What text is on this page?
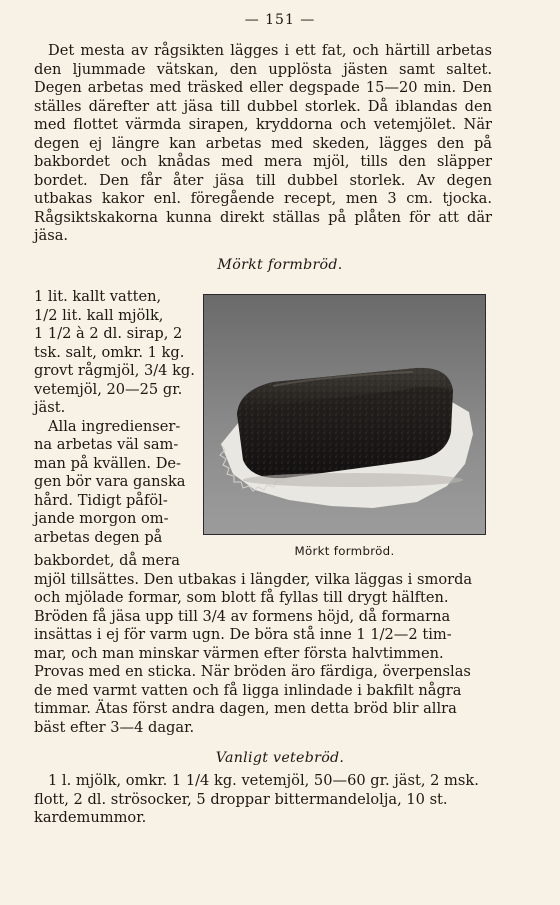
— 151 —
Det mesta av rågsikten lägges i ett fat, och härtill arbetas den ljummade vätskan, den upplösta jästen samt saltet. Degen arbetas med träsked eller degspade 15—20 min. Den ställes därefter att jäsa till dubbel storlek. Då iblandas den med flottet värmda sirapen, kryddorna och vetemjölet. När degen ej längre kan arbetas med skeden, lägges den på bakbordet och knådas med mera mjöl, tills den släpper bordet. Den får åter jäsa till dubbel storlek. Av degen utbakas kakor enl. föregående recept, men 3 cm. tjocka. Rågsiktskakorna kunna direkt ställas på plåten för att där jäsa.
Mörkt formbröd.
1 lit. kallt vatten,
1/2 lit. kall mjölk,
1 1/2 à 2 dl. sirap, 2
tsk. salt, omkr. 1 kg.
grovt rågmjöl, 3/4 kg.
vetemjöl, 20—25 gr.
jäst.
Alla ingredienser-
na arbetas väl sam-
man på kvällen. De-
gen bör vara ganska
hård. Tidigt påföl-
jande morgon om-
arbetas degen på
Mörkt formbröd.
bakbordet, då mera
mjöl tillsättes. Den utbakas i längder, vilka läggas i smorda
och mjölade formar, som blott få fyllas till drygt hälften.
Bröden få jäsa upp till 3/4 av formens höjd, då formarna
insättas i ej för varm ugn. De böra stå inne 1 1/2—2 tim-
mar, och man minskar värmen efter första halvtimmen.
Provas med en sticka. När bröden äro färdiga, överpenslas
de med varmt vatten och få ligga inlindade i bakfilt några
timmar. Ätas först andra dagen, men detta bröd blir allra
bäst efter 3—4 dagar.
Vanligt vetebröd.
1 l. mjölk, omkr. 1 1/4 kg. vetemjöl, 50—60 gr. jäst, 2 msk.
flott, 2 dl. strösocker, 5 droppar bittermandelolja, 10 st.
kardemummor.
